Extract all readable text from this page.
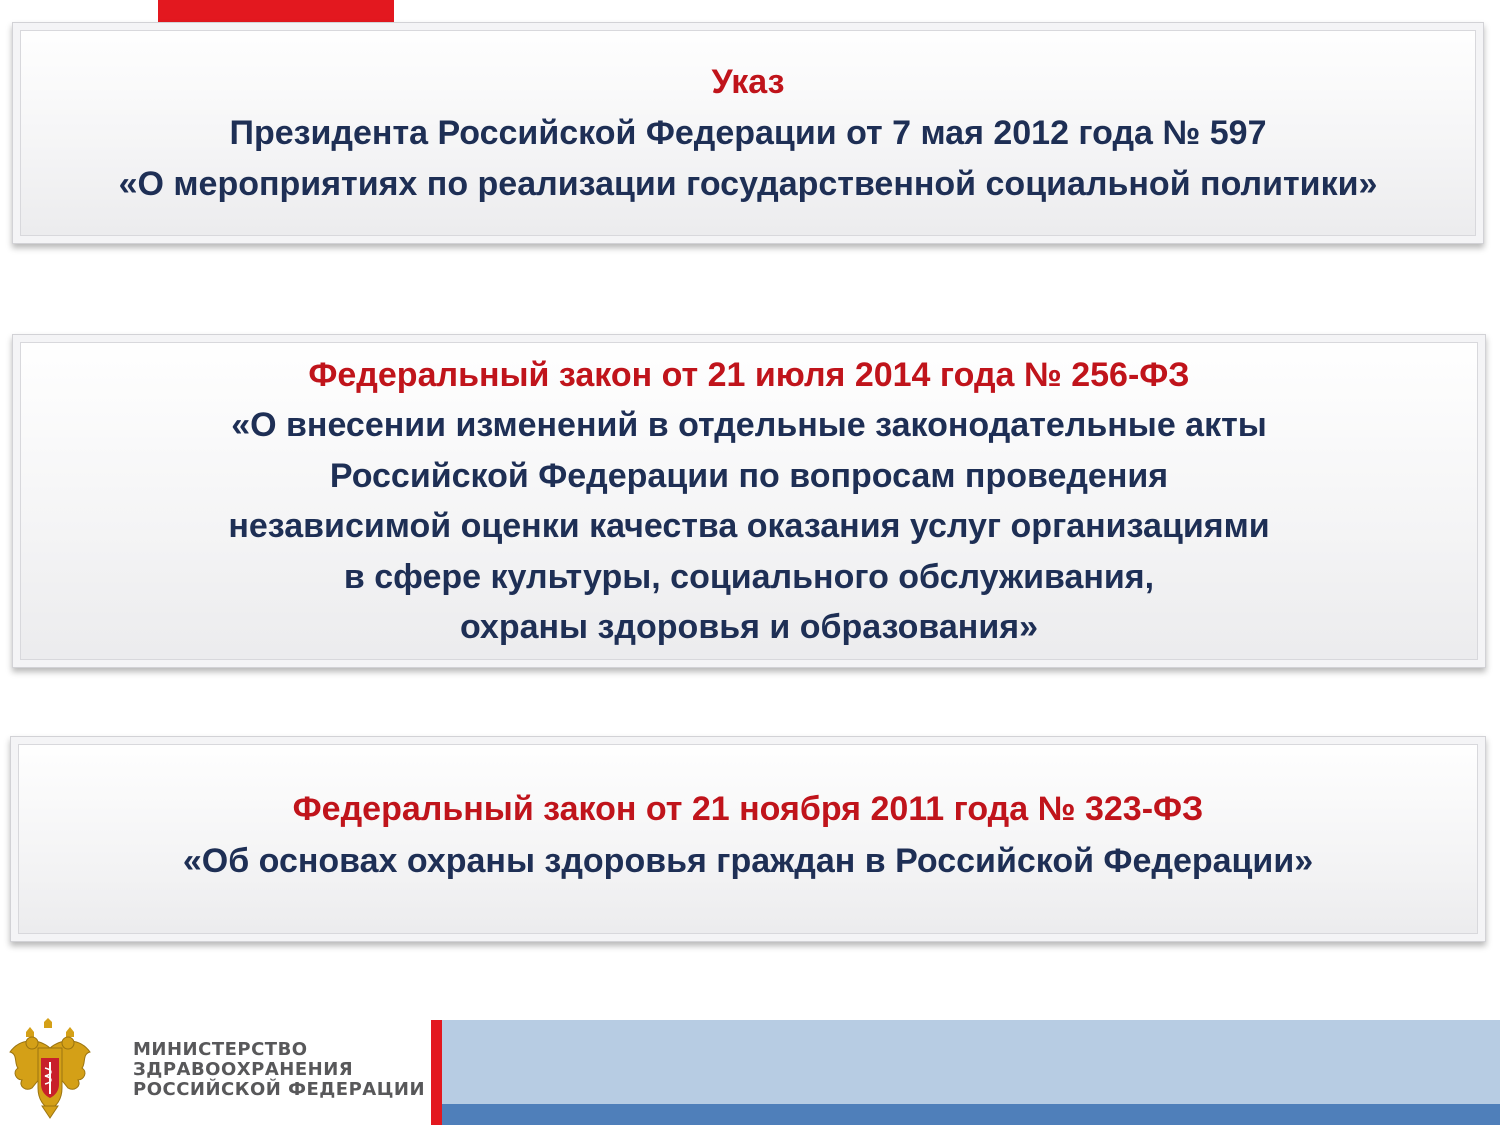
Указ
Президента Российской Федерации от 7 мая 2012 года № 597
«О мероприятиях по реализации государственной социальной политики»
Федеральный закон от 21 июля 2014 года № 256-ФЗ
«О внесении изменений в отдельные законодательные акты
Российской Федерации по вопросам проведения
независимой оценки качества оказания услуг организациями
в сфере культуры, социального обслуживания,
охраны здоровья и образования»
Федеральный закон от 21 ноября 2011 года № 323-ФЗ
«Об основах охраны здоровья граждан в Российской Федерации»
МИНИСТЕРСТВО
ЗДРАВООХРАНЕНИЯ
РОССИЙСКОЙ ФЕДЕРАЦИИ
